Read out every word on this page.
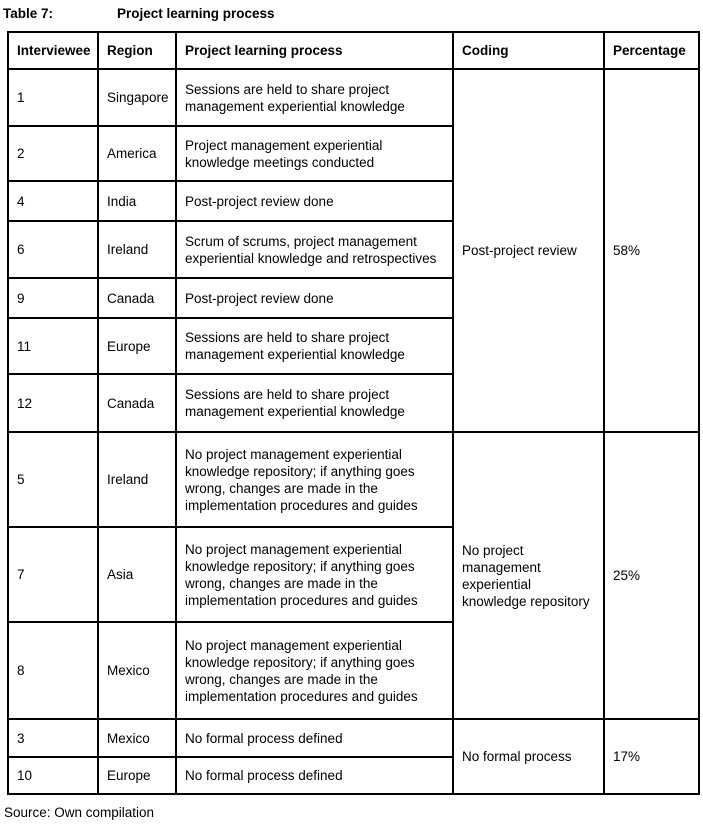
Table 7:	Project learning process
Interviewee	Region	Project learning process	Coding	Percentage
1	Singapore	Sessions are held to share project management experiential knowledge	Post-project review	58%
2	America	Project management experiential knowledge meetings conducted		
4	India	Post-project review done		
6	Ireland	Scrum of scrums, project management experiential knowledge and retrospectives		
9	Canada	Post-project review done		
11	Europe	Sessions are held to share project management experiential knowledge		
12	Canada	Sessions are held to share project management experiential knowledge		
5	Ireland	No project management experiential knowledge repository; if anything goes wrong, changes are made in the implementation procedures and guides	No project management experiential knowledge repository	25%
7	Asia	No project management experiential knowledge repository; if anything goes wrong, changes are made in the implementation procedures and guides		
8	Mexico	No project management experiential knowledge repository; if anything goes wrong, changes are made in the implementation procedures and guides		
3	Mexico	No formal process defined	No formal process	17%
10	Europe	No formal process defined		
Source: Own compilation
